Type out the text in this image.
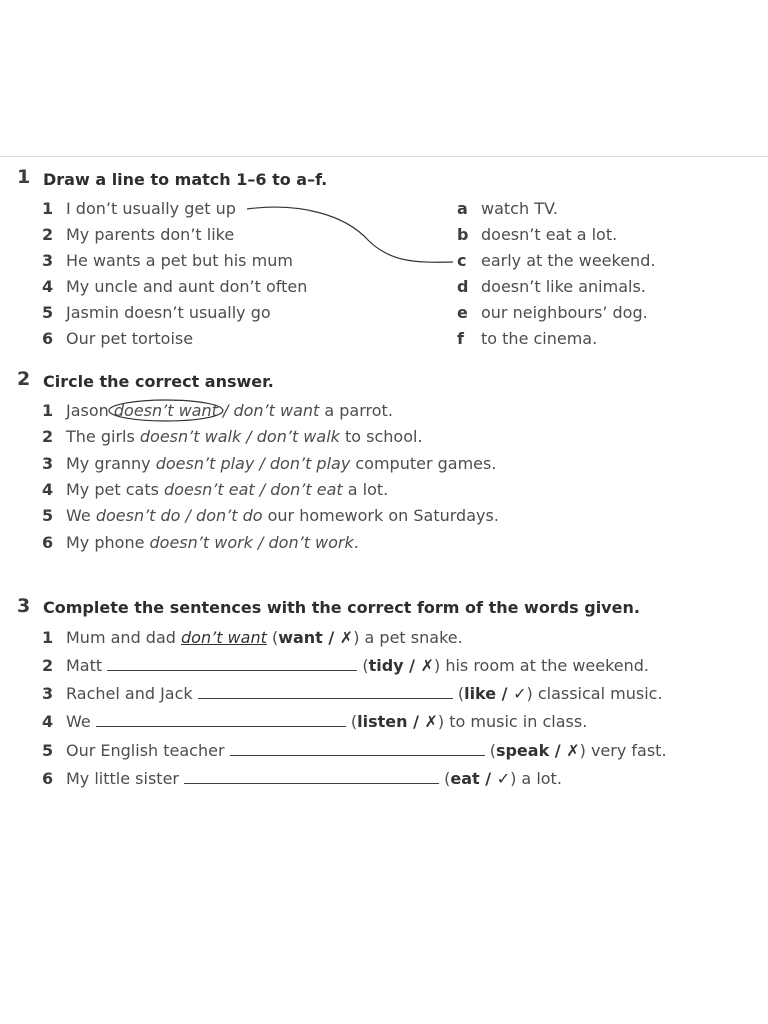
1 Draw a line to match 1–6 to a–f.
1 I don’t usually get up	a watch TV.
2 My parents don’t like	b doesn’t eat a lot.
3 He wants a pet but his mum	c early at the weekend.
4 My uncle and aunt don’t often	d doesn’t like animals.
5 Jasmin doesn’t usually go	e our neighbours’ dog.
6 Our pet tortoise	f to the cinema.
2 Circle the correct answer.
1 Jason doesn’t want / don’t want a parrot.
2 The girls doesn’t walk / don’t walk to school.
3 My granny doesn’t play / don’t play computer games.
4 My pet cats doesn’t eat / don’t eat a lot.
5 We doesn’t do / don’t do our homework on Saturdays.
6 My phone doesn’t work / don’t work.
3 Complete the sentences with the correct form of the words given.
1 Mum and dad don’t want (want / ✗) a pet snake.
2 Matt	(tidy / ✗) his room at the weekend.
3 Rachel and Jack	(like / ✓) classical music.
4 We	(listen / ✗) to music in class.
5 Our English teacher	(speak / ✗) very fast.
6 My little sister	(eat / ✓) a lot.
